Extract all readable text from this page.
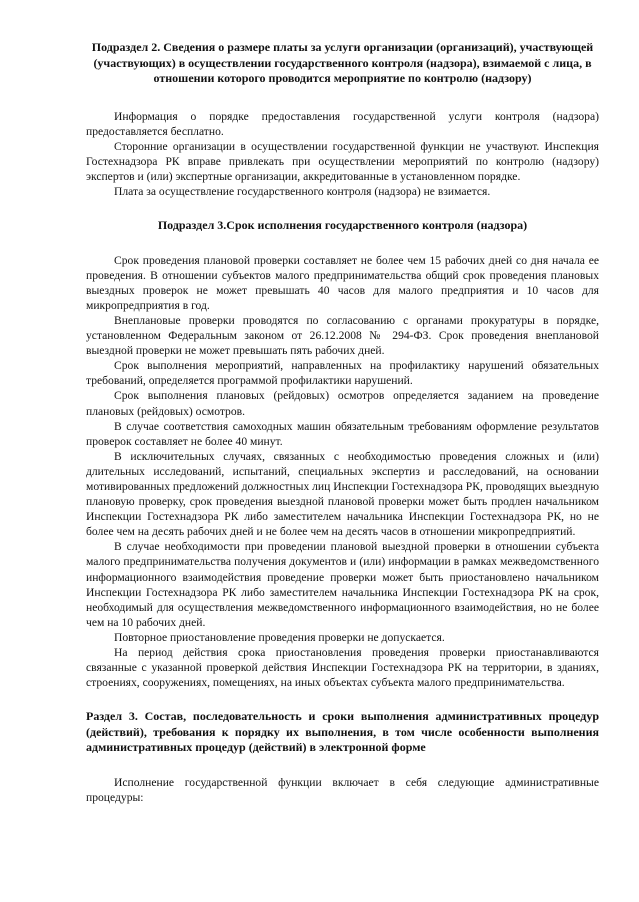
Подраздел 2. Сведения о размере платы за услуги организации (организаций), участвующей (участвующих) в осуществлении государственного контроля (надзора), взимаемой с лица, в отношении которого проводится мероприятие по контролю (надзору)

Информация о порядке предоставления государственной услуги контроля (надзора) предоставляется бесплатно.

Сторонние организации в осуществлении государственной функции не участвуют. Инспекция Гостехнадзора РК вправе привлекать при осуществлении мероприятий по контролю (надзору) экспертов и (или) экспертные организации, аккредитованные в установленном порядке.

Плата за осуществление государственного контроля (надзора) не взимается.

Подраздел 3.Срок исполнения государственного контроля (надзора)

Срок проведения плановой проверки составляет не более чем 15 рабочих дней со дня начала ее проведения. В отношении субъектов малого предпринимательства общий срок проведения плановых выездных проверок не может превышать 40 часов для малого предприятия и 10 часов для микропредприятия в год.

Внеплановые проверки проводятся по согласованию с органами прокуратуры в порядке, установленном Федеральным законом от 26.12.2008 № 294-ФЗ. Срок проведения внеплановой выездной проверки не может превышать пять рабочих дней.

Срок выполнения мероприятий, направленных на профилактику нарушений обязательных требований, определяется программой профилактики нарушений.

Срок выполнения плановых (рейдовых) осмотров определяется заданием на проведение плановых (рейдовых) осмотров.

В случае соответствия самоходных машин обязательным требованиям оформление результатов проверок составляет не более 40 минут.

В исключительных случаях, связанных с необходимостью проведения сложных и (или) длительных исследований, испытаний, специальных экспертиз и расследований, на основании мотивированных предложений должностных лиц Инспекции Гостехнадзора РК, проводящих выездную плановую проверку, срок проведения выездной плановой проверки может быть продлен начальником Инспекции Гостехнадзора РК либо заместителем начальника Инспекции Гостехнадзора РК, но не более чем на десять рабочих дней и не более чем на десять часов в отношении микропредприятий.

В случае необходимости при проведении плановой выездной проверки в отношении субъекта малого предпринимательства получения документов и (или) информации в рамках межведомственного информационного взаимодействия проведение проверки может быть приостановлено начальником Инспекции Гостехнадзора РК либо заместителем начальника Инспекции Гостехнадзора РК на срок, необходимый для осуществления межведомственного информационного взаимодействия, но не более чем на 10 рабочих дней.

Повторное приостановление проведения проверки не допускается.

На период действия срока приостановления проведения проверки приостанавливаются связанные с указанной проверкой действия Инспекции Гостехнадзора РК на территории, в зданиях, строениях, сооружениях, помещениях, на иных объектах субъекта малого предпринимательства.

Раздел 3. Состав, последовательность и сроки выполнения административных процедур (действий), требования к порядку их выполнения, в том числе особенности выполнения административных процедур (действий) в электронной форме

Исполнение государственной функции включает в себя следующие административные процедуры:
